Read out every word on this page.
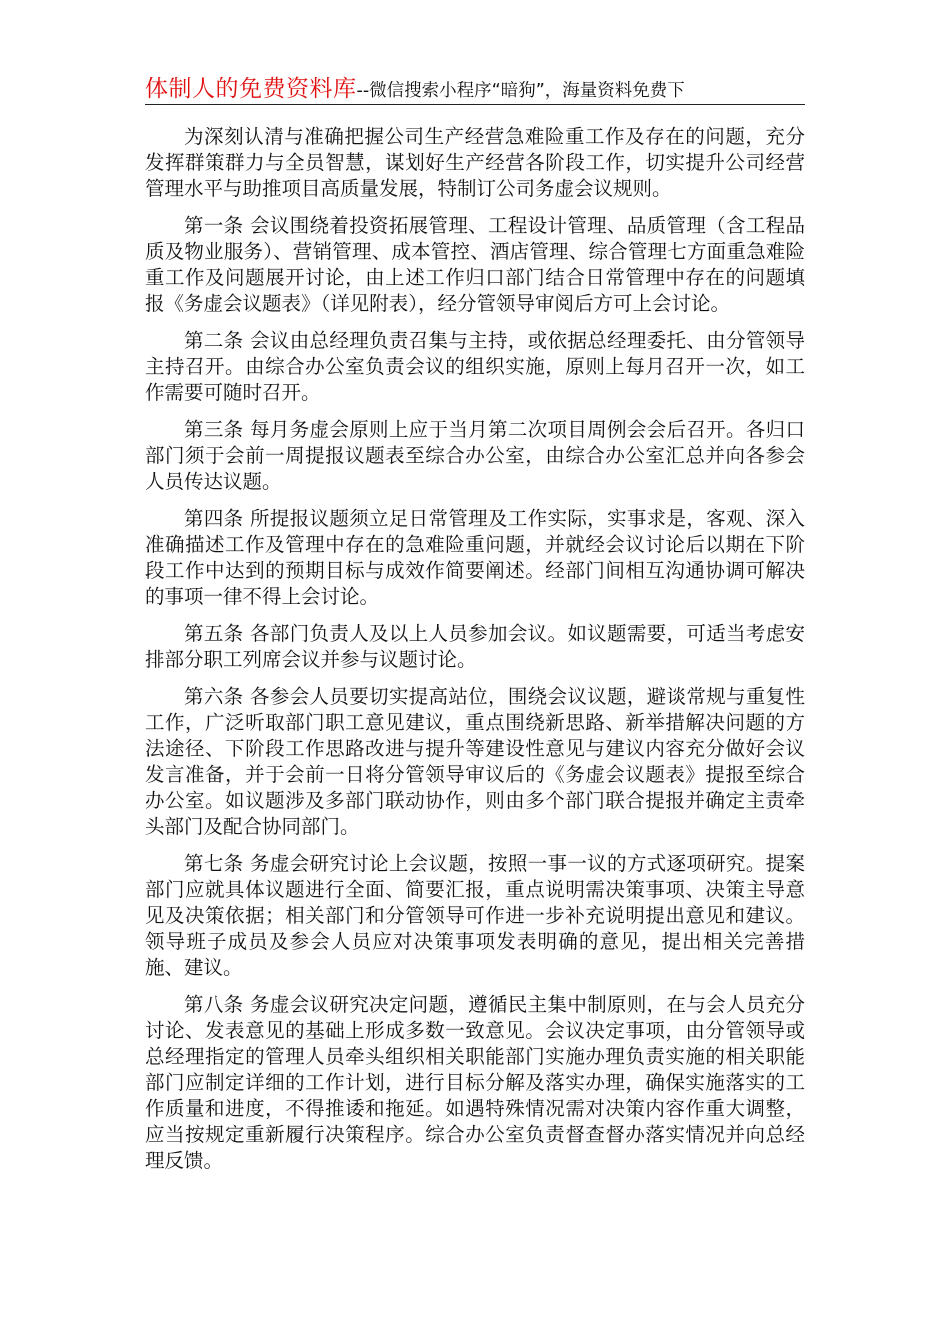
体制人的免费资料库--微信搜索小程序“暗狗”，海量资料免费下

为深刻认清与准确把握公司生产经营急难险重工作及存在的问题，充分发挥群策群力与全员智慧，谋划好生产经营各阶段工作，切实提升公司经营管理水平与助推项目高质量发展，特制订公司务虚会议规则。

第一条 会议围绕着投资拓展管理、工程设计管理、品质管理（含工程品质及物业服务）、营销管理、成本管控、酒店管理、综合管理七方面重急难险重工作及问题展开讨论，由上述工作归口部门结合日常管理中存在的问题填报《务虚会议题表》（详见附表），经分管领导审阅后方可上会讨论。

第二条 会议由总经理负责召集与主持，或依据总经理委托、由分管领导主持召开。由综合办公室负责会议的组织实施，原则上每月召开一次，如工作需要可随时召开。

第三条 每月务虚会原则上应于当月第二次项目周例会会后召开。各归口部门须于会前一周提报议题表至综合办公室，由综合办公室汇总并向各参会人员传达议题。

第四条 所提报议题须立足日常管理及工作实际，实事求是，客观、深入准确描述工作及管理中存在的急难险重问题，并就经会议讨论后以期在下阶段工作中达到的预期目标与成效作简要阐述。经部门间相互沟通协调可解决的事项一律不得上会讨论。

第五条 各部门负责人及以上人员参加会议。如议题需要，可适当考虑安排部分职工列席会议并参与议题讨论。

第六条 各参会人员要切实提高站位，围绕会议议题，避谈常规与重复性工作，广泛听取部门职工意见建议，重点围绕新思路、新举措解决问题的方法途径、下阶段工作思路改进与提升等建设性意见与建议内容充分做好会议发言准备，并于会前一日将分管领导审议后的《务虚会议题表》提报至综合办公室。如议题涉及多部门联动协作，则由多个部门联合提报并确定主责牵头部门及配合协同部门。

第七条 务虚会研究讨论上会议题，按照一事一议的方式逐项研究。提案部门应就具体议题进行全面、简要汇报，重点说明需决策事项、决策主导意见及决策依据；相关部门和分管领导可作进一步补充说明提出意见和建议。领导班子成员及参会人员应对决策事项发表明确的意见，提出相关完善措施、建议。

第八条 务虚会议研究决定问题，遵循民主集中制原则，在与会人员充分讨论、发表意见的基础上形成多数一致意见。会议决定事项，由分管领导或总经理指定的管理人员牵头组织相关职能部门实施办理负责实施的相关职能部门应制定详细的工作计划，进行目标分解及落实办理，确保实施落实的工作质量和进度，不得推诿和拖延。如遇特殊情况需对决策内容作重大调整，应当按规定重新履行决策程序。综合办公室负责督查督办落实情况并向总经理反馈。
